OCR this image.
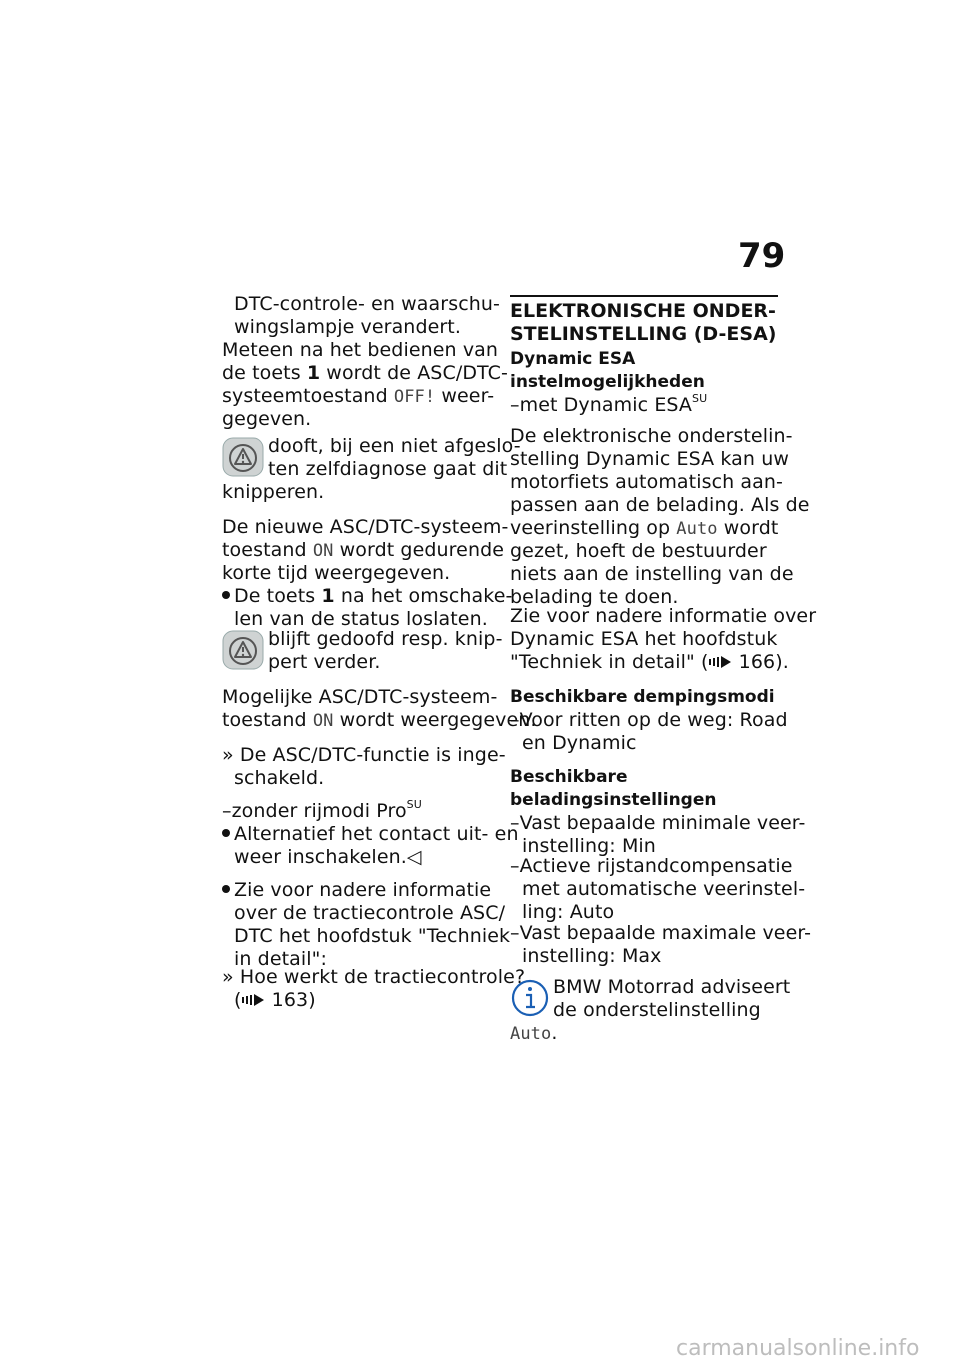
79
DTC-controle- en waarschu-
wingslampje verandert.
Meteen na het bedienen van
de toets 1 wordt de ASC/DTC-
systeemtoestand OFF! weer-
gegeven.
dooft, bij een niet afgeslo-
ten zelfdiagnose gaat dit
knipperen.
De nieuwe ASC/DTC-systeem-
toestand ON wordt gedurende
korte tijd weergegeven.
De toets 1 na het omschake-
len van de status loslaten.
blijft gedoofd resp. knip-
pert verder.
Mogelijke ASC/DTC-systeem-
toestand ON wordt weergegeven.
» De ASC/DTC-functie is inge-
schakeld.
–zonder rijmodi Pro$^{SU}$
Alternatief het contact uit- en
weer inschakelen.◁
Zie voor nadere informatie
over de tractiecontrole ASC/
DTC het hoofdstuk "Techniek
in detail":
» Hoe werkt de tractiecontrole?
( 163)
ELEKTRONISCHE ONDER-
STELINSTELLING (D-ESA)
Dynamic ESA
instelmogelijkheden
–met Dynamic $ESA^{SU}$
De elektronische onderstelin-
stelling Dynamic ESA kan uw
motorfiets automatisch aan-
passen aan de belading. Als de
veerinstelling op Auto wordt
gezet, hoeft de bestuurder
niets aan de instelling van de
belading te doen.
Zie voor nadere informatie over
Dynamic ESA het hoofdstuk
"Techniek in detail" ( 166).
Beschikbare dempingsmodi
–Voor ritten op de weg: Road
en Dynamic
Beschikbare
beladingsinstellingen
–Vast bepaalde minimale veer-
instelling: Min
–Actieve rijstandcompensatie
met automatische veerinstel-
ling: Auto
–Vast bepaalde maximale veer-
instelling: Max
BMW Motorrad adviseert
de onderstelinstelling
Auto.
carmanualsonline.info
